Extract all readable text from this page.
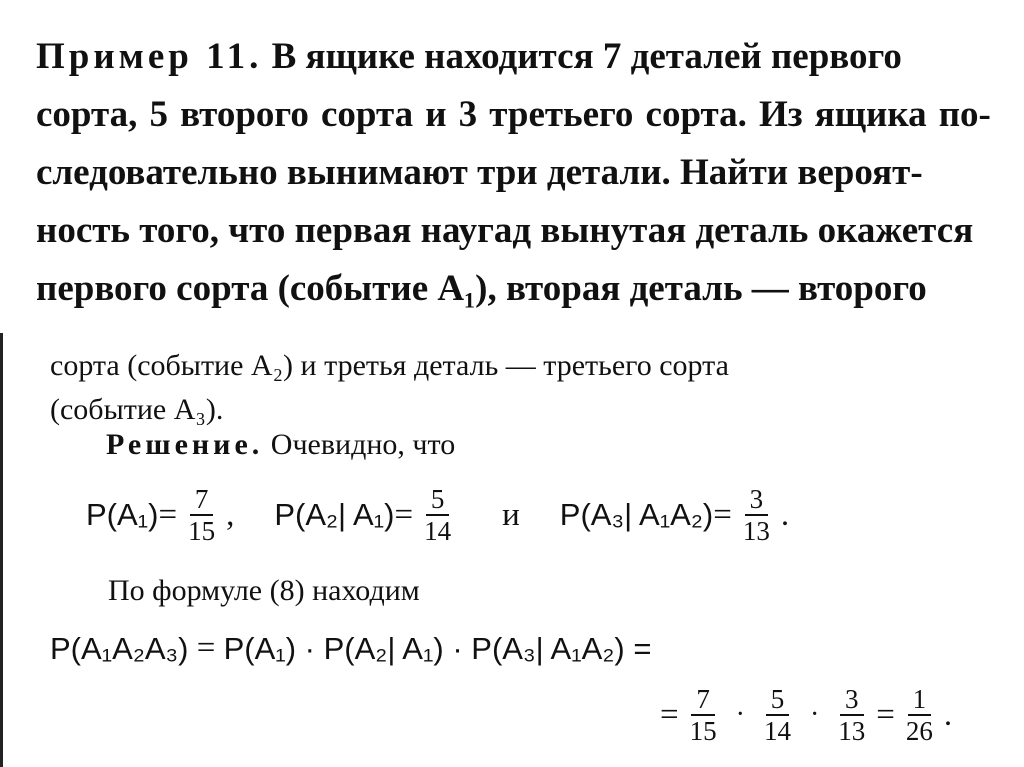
Пример 11. В ящике находится 7 деталей первого
сорта, 5 второго сорта и 3 третьего сорта. Из ящика по-
следовательно вынимают три детали. Найти вероят-
ность того, что первая наугад вынутая деталь окажется
первого сорта (событие A₁), вторая деталь — второго
сорта (событие A₂) и третья деталь — третьего сорта
(событие A₃).
Решение. Очевидно, что
$P(A_1) = \frac{7}{15}$ , P(A₂| $A_1) = \frac{5}{14}$ и P(A₃| $A_1A_2) = \frac{3}{13}$ .
По формуле (8) находим
P(A₁A₂A₃) = P(A₁) · P(A₂| A₁) · P(A₃| A₁A₂) =
= $\frac{7}{15} \cdot \frac{5}{14} \cdot \frac{3}{13} = \frac{1}{26}$ .
